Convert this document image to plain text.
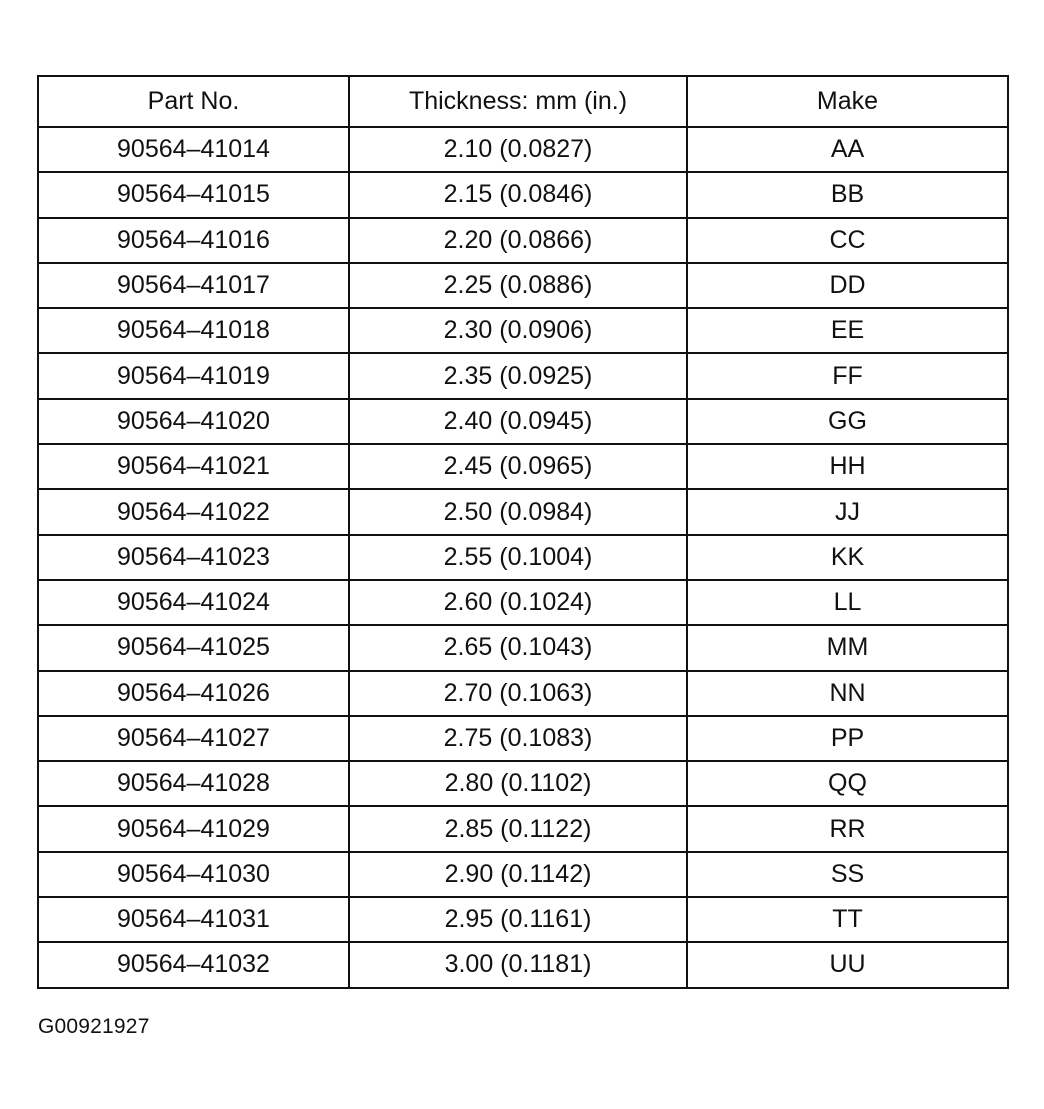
Part No.	Thickness: mm (in.)	Make
90564–41014	2.10 (0.0827)	AA
90564–41015	2.15 (0.0846)	BB
90564–41016	2.20 (0.0866)	CC
90564–41017	2.25 (0.0886)	DD
90564–41018	2.30 (0.0906)	EE
90564–41019	2.35 (0.0925)	FF
90564–41020	2.40 (0.0945)	GG
90564–41021	2.45 (0.0965)	HH
90564–41022	2.50 (0.0984)	JJ
90564–41023	2.55 (0.1004)	KK
90564–41024	2.60 (0.1024)	LL
90564–41025	2.65 (0.1043)	MM
90564–41026	2.70 (0.1063)	NN
90564–41027	2.75 (0.1083)	PP
90564–41028	2.80 (0.1102)	QQ
90564–41029	2.85 (0.1122)	RR
90564–41030	2.90 (0.1142)	SS
90564–41031	2.95 (0.1161)	TT
90564–41032	3.00 (0.1181)	UU
G00921927
